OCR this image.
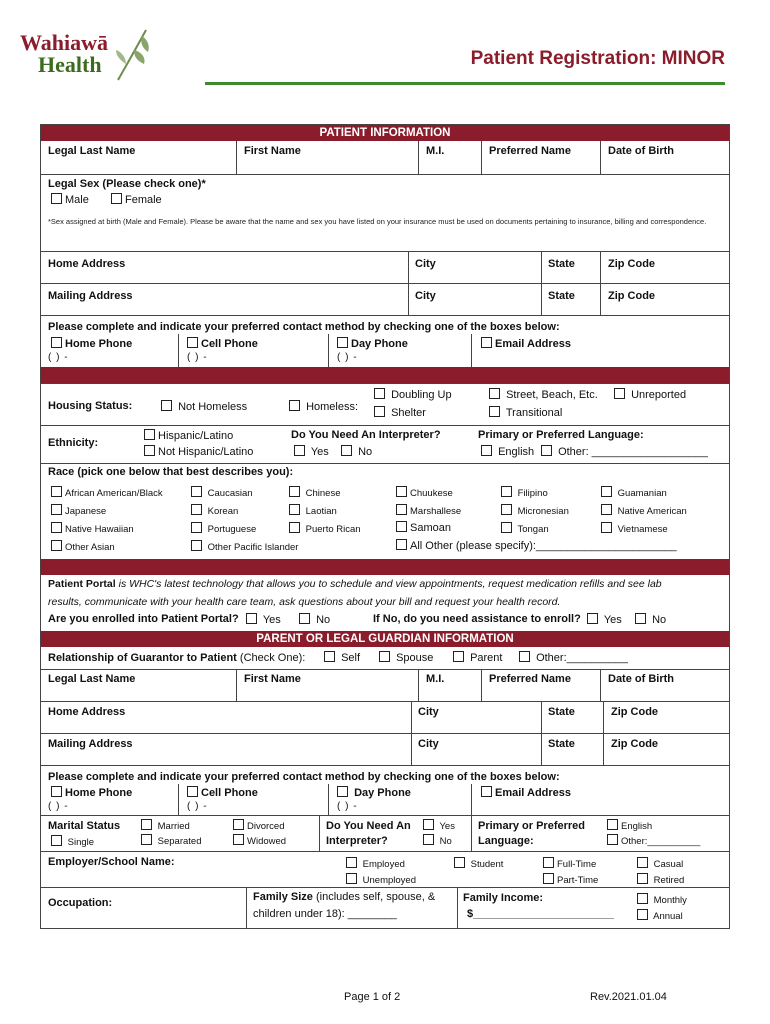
Wahiawā
Health	Patient Registration: MINOR
PATIENT INFORMATION
Legal Last Name	First Name	M.I.	Preferred Name	Date of Birth
Legal Sex (Please check one)*
Male	Female
*Sex assigned at birth (Male and Female). Please be aware that the name and sex you have listed on your insurance must be used on documents pertaining to insurance, billing and correspondence.
Home Address	City	State	Zip Code
Mailing Address	City	State	Zip Code
Please complete and indicate your preferred contact method by checking one of the boxes below:
Home Phone	Cell Phone	Day Phone	Email Address
( ) -	( ) -	( ) -
Housing Status:	Not Homeless	Homeless:
Doubling Up
Shelter
Street, Beach, Etc.
Transitional
Unreported
Ethnicity:
Hispanic/Latino
Not Hispanic/Latino
Do You Need An Interpreter?
Yes	No
Primary or Preferred Language:
English	Other: ___________________
Race (pick one below that best describes you):
African American/Black
Japanese
Native Hawaiian
Other Asian
Caucasian
Korean
Portuguese
Other Pacific Islander
Chinese
Laotian
Puerto Rican
Chuukese
Marshallese
Samoan
All Other (please specify):_______________________
Filipino
Micronesian
Tongan
Guamanian
Native American
Vietnamese
Patient Portal is WHC's latest technology that allows you to schedule and view appointments, request medication refills and see lab
results, communicate with your health care team, ask questions about your bill and request your health record.
Are you enrolled into Patient Portal?	Yes	No	If No, do you need assistance to enroll?	Yes	No
PARENT OR LEGAL GUARDIAN INFORMATION
Relationship of Guarantor to Patient (Check One):	Self	Spouse	Parent	Other:__________
Legal Last Name	First Name	M.I.	Preferred Name	Date of Birth
Home Address	City	State	Zip Code
Mailing Address	City	State	Zip Code
Please complete and indicate your preferred contact method by checking one of the boxes below:
Home Phone	Cell Phone	Day Phone	Email Address
( ) -	( ) -	( ) -
Marital Status
Single
Married
Separated
Divorced
Widowed
Do You Need An
Interpreter?
Yes
No
Primary or Preferred
Language:
English
Other:__________
Employer/School Name:	Employed
Unemployed
Student	Full-Time
Part-Time
Casual
Retired
Occupation:	Family Size (includes self, spouse, &
children under 18): ________
Family Income:
$_______________________
Monthly
Annual
Page 1 of 2	Rev.2021.01.04
